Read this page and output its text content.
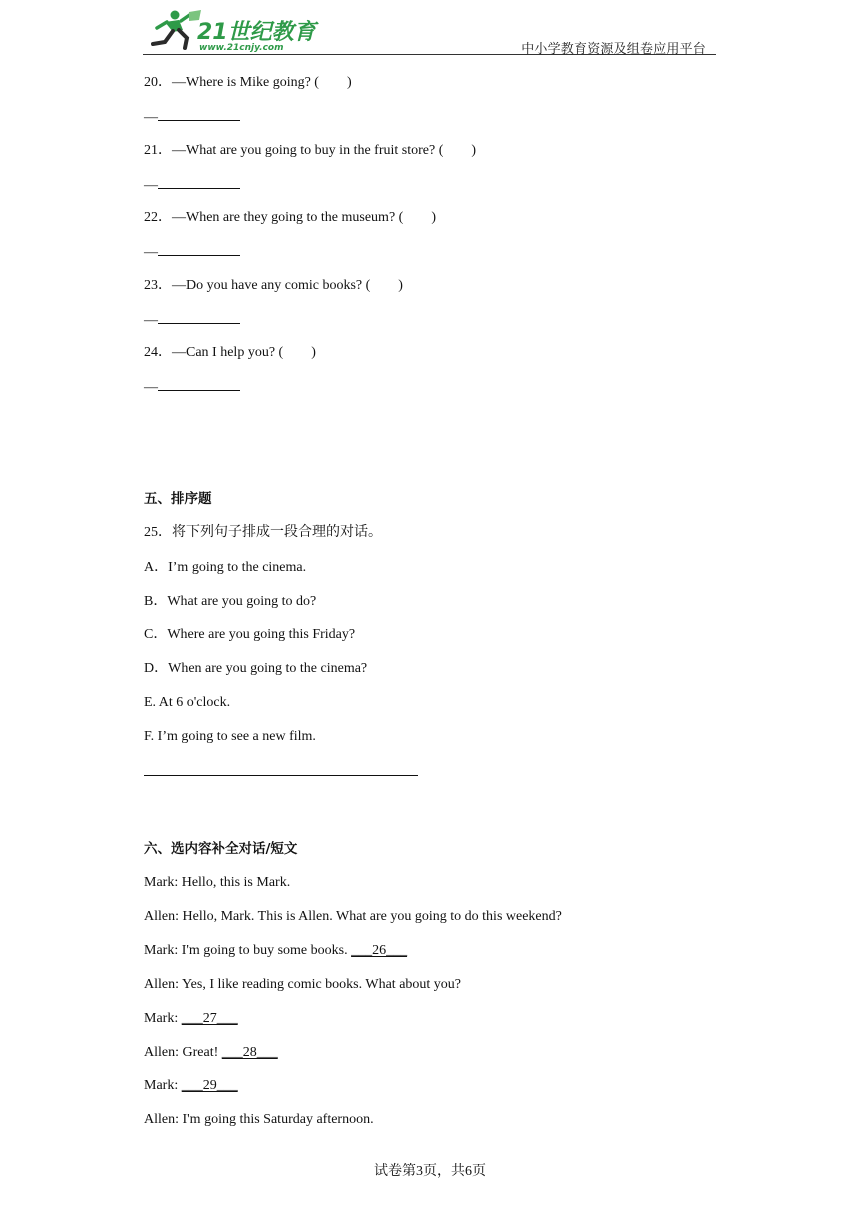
21世纪教育
www.21cnjy.com	中小学教育资源及组卷应用平台
20．—Where is Mike going? (　　)
—
21．—What are you going to buy in the fruit store? (　　)
—
22．—When are they going to the museum? (　　)
—
23．—Do you have any comic books? (　　)
—
24．—Can I help you? (　　)
—
五、排序题
25．将下列句子排成一段合理的对话。
A．I’m going to the cinema.
B．What are you going to do?
C．Where are you going this Friday?
D．When are you going to the cinema?
E. At 6 o'clock.
F. I’m going to see a new film.
六、选内容补全对话/短文
Mark: Hello, this is Mark.
Allen: Hello, Mark. This is Allen. What are you going to do this weekend?
Mark: I'm going to buy some books. ___26___
Allen: Yes, I like reading comic books. What about you?
Mark: ___27___
Allen: Great! ___28___
Mark: ___29___
Allen: I'm going this Saturday afternoon.
试卷第3页，共6页
